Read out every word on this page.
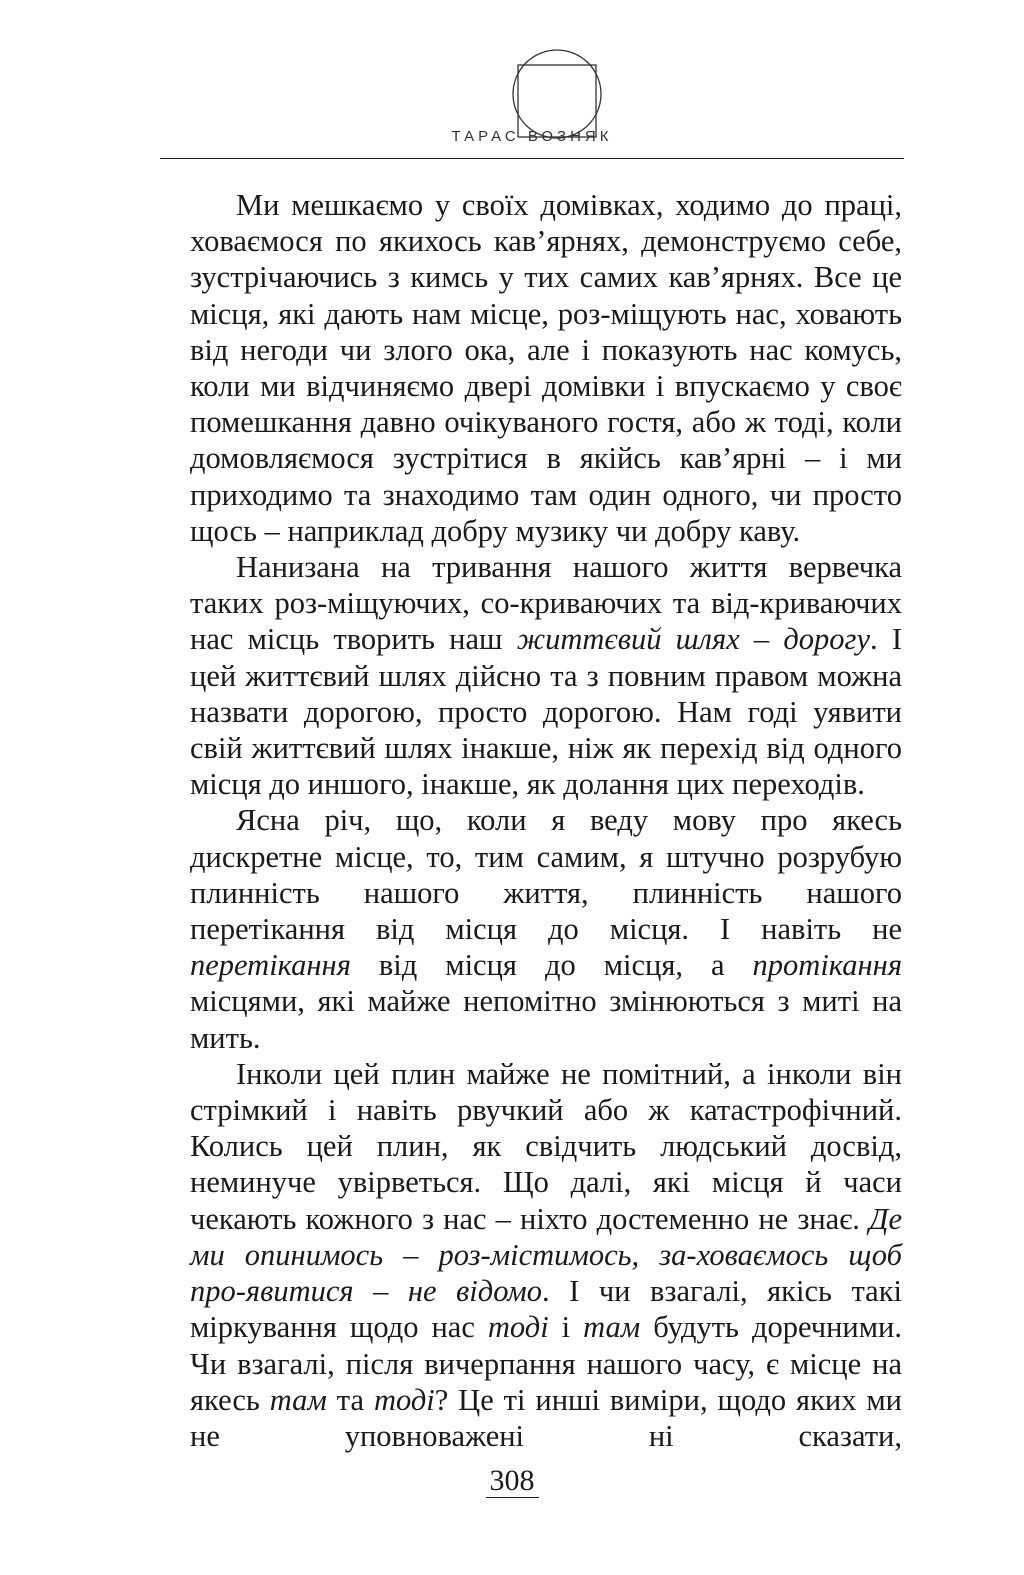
ТАРАС ВОЗНЯК

Ми мешкаємо у своїх домівках, ходимо до праці, ховаємося по якихось кав’ярнях, демонструємо себе, зустрічаючись з кимсь у тих самих кав’ярнях. Все це місця, які дають нам місце, роз-міщують нас, ховають від негоди чи злого ока, але і показують нас комусь, коли ми відчиняємо двері домівки і впускаємо у своє помешкання давно очікуваного гостя, або ж тоді, коли домовляємося зустрітися в якійсь кав’ярні – і ми приходимо та знаходимо там один одного, чи просто щось – наприклад добру музику чи добру каву.

Нанизана на тривання нашого життя вервечка таких роз-міщуючих, со-криваючих та від-криваючих нас місць творить наш життєвий шлях – дорогу. І цей життєвий шлях дійсно та з повним правом можна назвати дорогою, просто дорогою. Нам годі уявити свій життєвий шлях інакше, ніж як перехід від одного місця до иншого, інакше, як долання цих переходів.

Ясна річ, що, коли я веду мову про якесь дискретне місце, то, тим самим, я штучно розрубую плинність нашого життя, плинність нашого перетікання від місця до місця. І навіть не перетікання від місця до місця, а протікання місцями, які майже непомітно змінюються з миті на мить.

Інколи цей плин майже не помітний, а інколи він стрімкий і навіть рвучкий або ж катастрофічний. Колись цей плин, як свідчить людський досвід, неминуче увірветься. Що далі, які місця й часи чекають кожного з нас – ніхто достеменно не знає. Де ми опинимось – роз-містимось, за-ховаємось щоб про-явитися – не відомо. І чи взагалі, якісь такі міркування щодо нас тоді і там будуть доречними. Чи взагалі, після вичерпання нашого часу, є місце на якесь там та тоді? Це ті инші виміри, щодо яких ми не уповноважені ні сказати,

308
